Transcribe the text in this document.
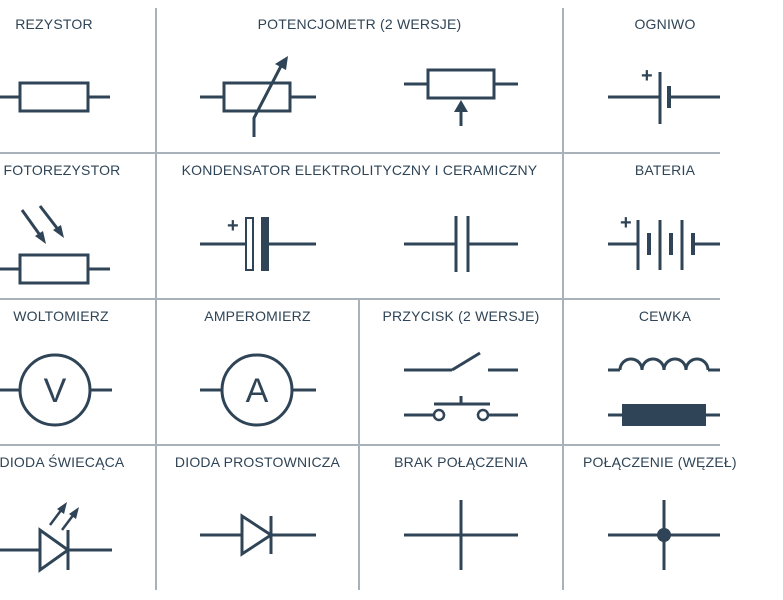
REZYSTOR	POTENCJOMETR (2 WERSJE)	OGNIWO
FOTOREZYSTOR	KONDENSATOR ELEKTROLITYCZNY I CERAMICZNY	BATERIA
WOLTOMIERZ	AMPEROMIERZ	PRZYCISK (2 WERSJE)	CEWKA
DIODA ŚWIECĄCA	DIODA PROSTOWNICZA	BRAK POŁĄCZENIA	POŁĄCZENIE (WĘZEŁ)
+
+	+
V	A
